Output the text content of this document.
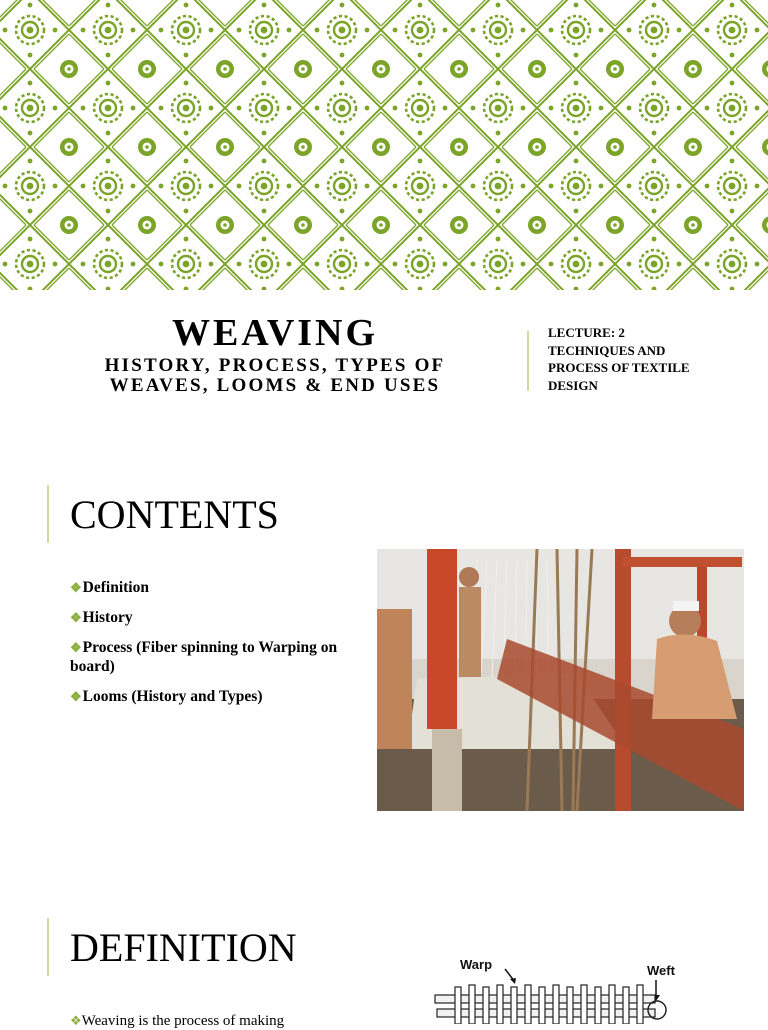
WEAVING
HISTORY, PROCESS, TYPES OF
WEAVES, LOOMS & END USES
LECTURE: 2
TECHNIQUES AND
PROCESS OF TEXTILE
DESIGN
CONTENTS
❖Definition
❖History
❖Process (Fiber spinning to Warping on board)
❖Looms (History and Types)
DEFINITION
❖Weaving is the process of making
Warp	Weft
